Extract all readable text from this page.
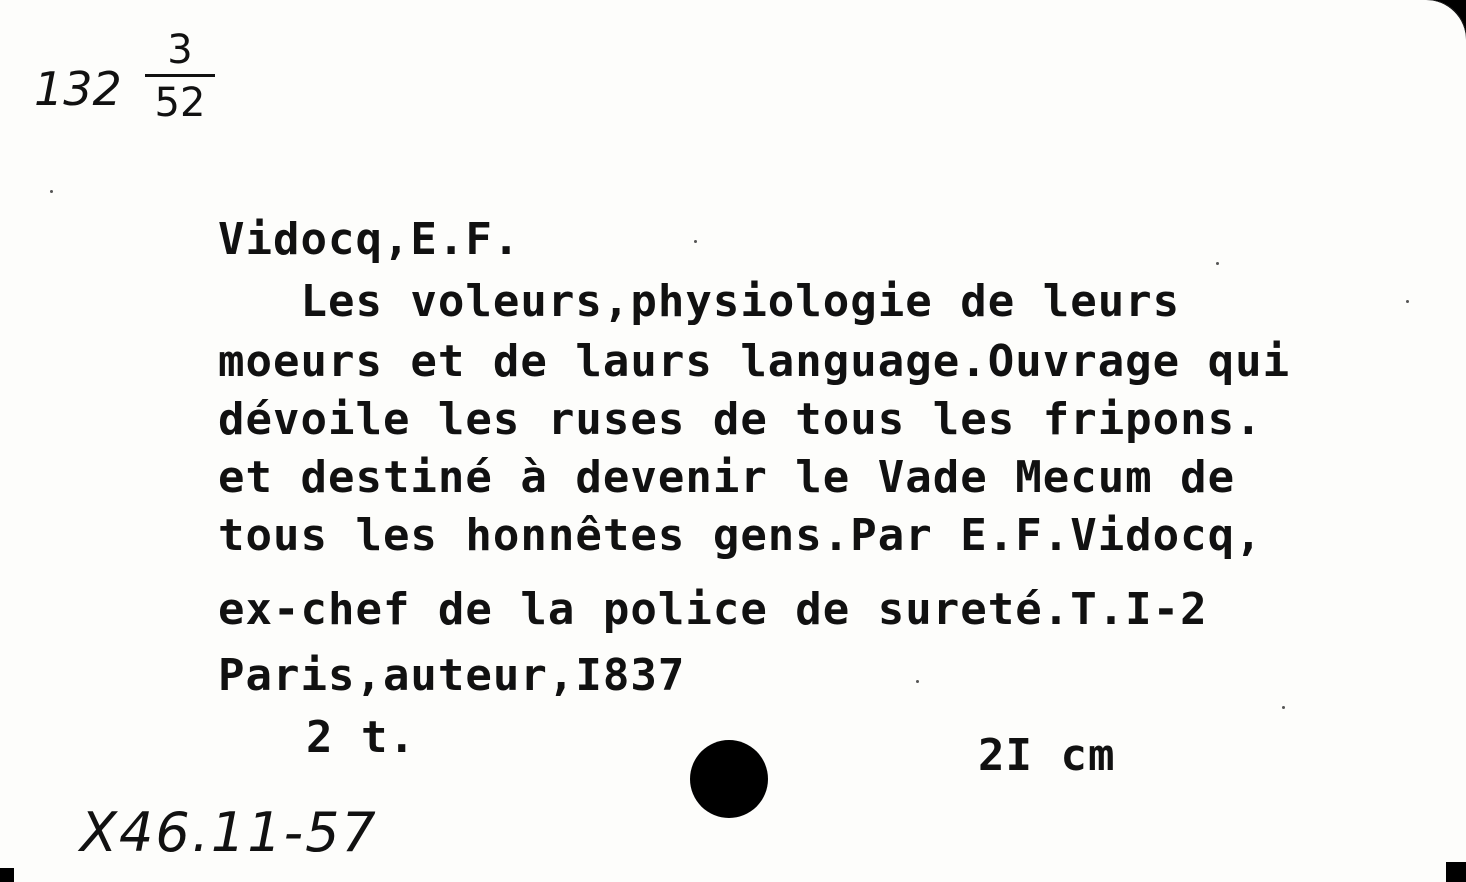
132
3
52
Vidocq,E.F.
Les voleurs,physiologie de leurs
moeurs et de laurs language.Ouvrage qui
dévoile les ruses de tous les fripons.
et destiné à devenir le Vade Mecum de
tous les honnêtes gens.Par E.F.Vidocq,
ex-chef de la police de sureté.T.I-2
Paris,auteur,I837
2 t.	2I cm
X46.11-57
